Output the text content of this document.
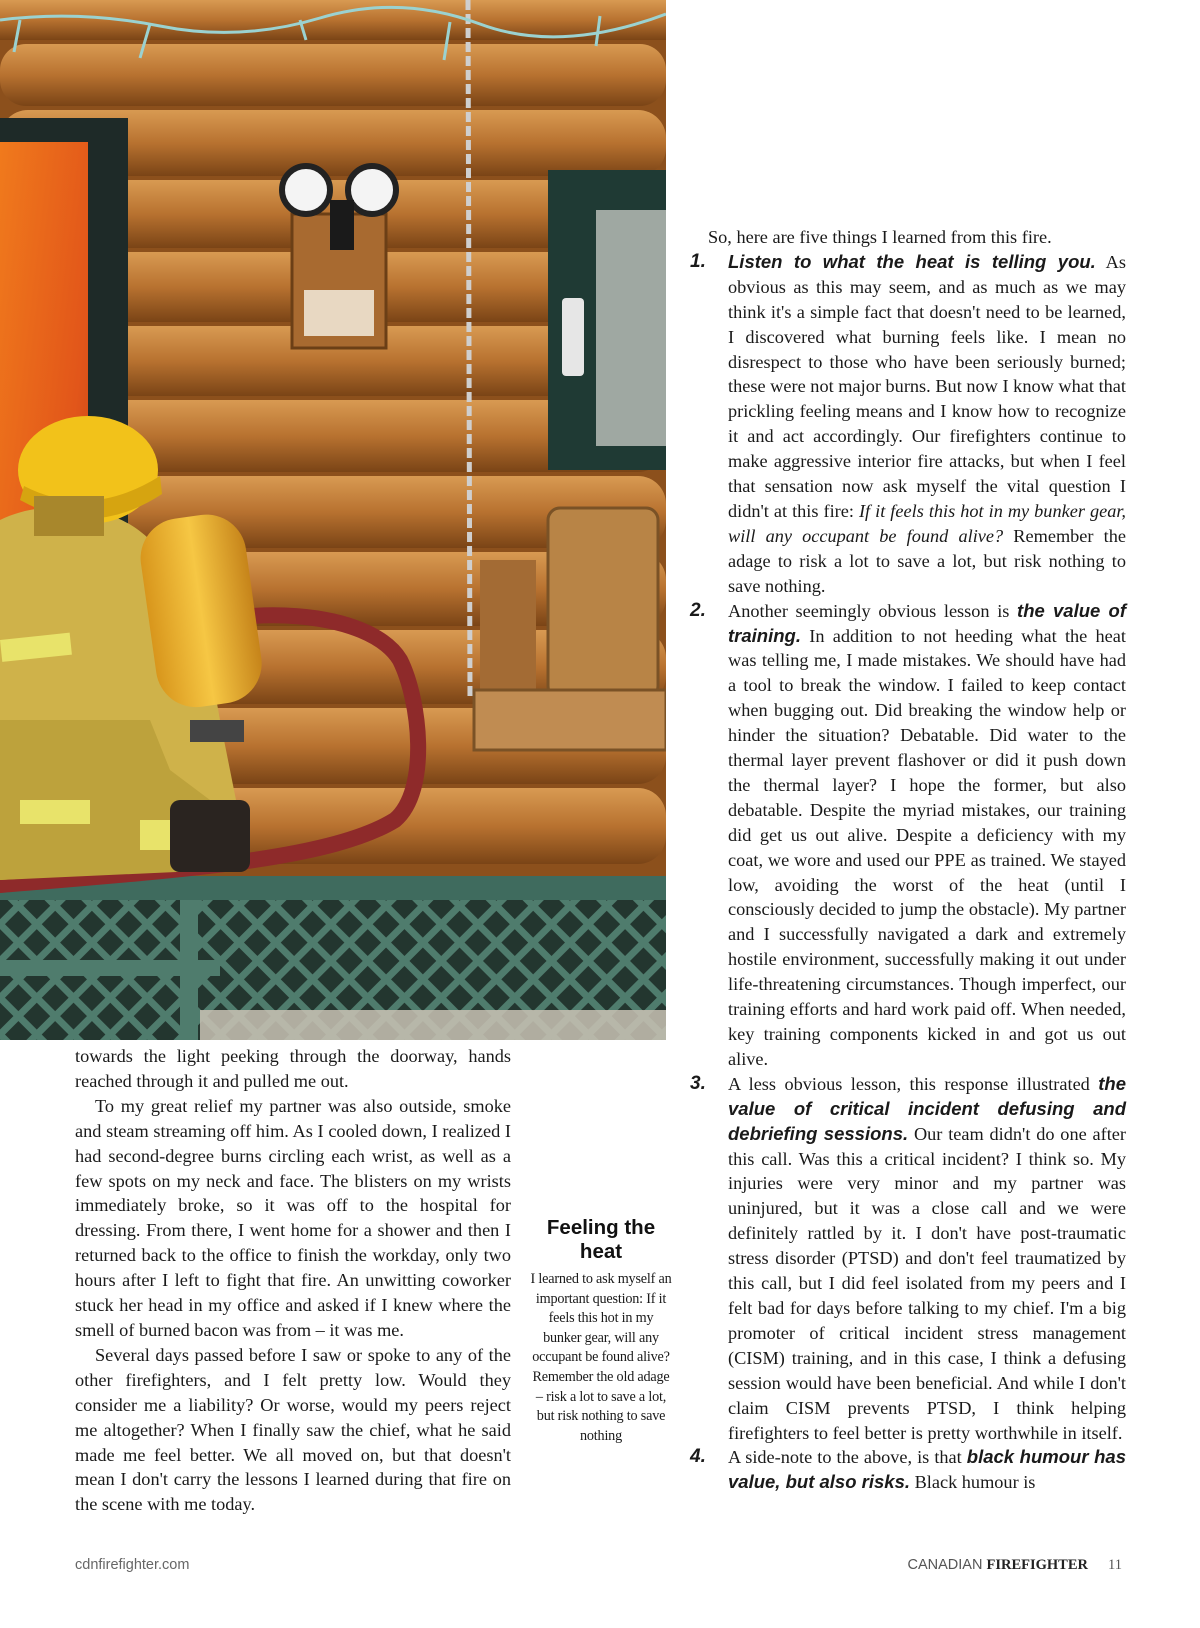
towards the light peeking through the doorway, hands reached through it and pulled me out.

To my great relief my partner was also outside, smoke and steam streaming off him. As I cooled down, I realized I had second-degree burns circling each wrist, as well as a few spots on my neck and face. The blisters on my wrists immediately broke, so it was off to the hospital for dressing. From there, I went home for a shower and then I returned back to the office to finish the workday, only two hours after I left to fight that fire. An unwitting coworker stuck her head in my office and asked if I knew where the smell of burned bacon was from – it was me.

Several days passed before I saw or spoke to any of the other firefighters, and I felt pretty low. Would they consider me a liability? Or worse, would my peers reject me altogether? When I finally saw the chief, what he said made me feel better. We all moved on, but that doesn't mean I don't carry the lessons I learned during that fire on the scene with me today.

Feeling the heat

I learned to ask myself an important question: If it feels this hot in my bunker gear, will any occupant be found alive? Remember the old adage – risk a lot to save a lot, but risk nothing to save nothing

So, here are five things I learned from this fire.

1. Listen to what the heat is telling you. As obvious as this may seem, and as much as we may think it's a simple fact that doesn't need to be learned, I discovered what burning feels like. I mean no disrespect to those who have been seriously burned; these were not major burns. But now I know what that prickling feeling means and I know how to recognize it and act accordingly. Our firefighters continue to make aggressive interior fire attacks, but when I feel that sensation now ask myself the vital question I didn't at this fire: If it feels this hot in my bunker gear, will any occupant be found alive? Remember the adage to risk a lot to save a lot, but risk nothing to save nothing.
2. Another seemingly obvious lesson is the value of training. In addition to not heeding what the heat was telling me, I made mistakes. We should have had a tool to break the window. I failed to keep contact when bugging out. Did breaking the window help or hinder the situation? Debatable. Did water to the thermal layer prevent flashover or did it push down the thermal layer? I hope the former, but also debatable. Despite the myriad mistakes, our training did get us out alive. Despite a deficiency with my coat, we wore and used our PPE as trained. We stayed low, avoiding the worst of the heat (until I consciously decided to jump the obstacle). My partner and I successfully navigated a dark and extremely hostile environment, successfully making it out under life-threatening circumstances. Though imperfect, our training efforts and hard work paid off. When needed, key training components kicked in and got us out alive.
3. A less obvious lesson, this response illustrated the value of critical incident defusing and debriefing sessions. Our team didn't do one after this call. Was this a critical incident? I think so. My injuries were very minor and my partner was uninjured, but it was a close call and we were definitely rattled by it. I don't have post-traumatic stress disorder (PTSD) and don't feel traumatized by this call, but I did feel isolated from my peers and I felt bad for days before talking to my chief. I'm a big promoter of critical incident stress management (CISM) training, and in this case, I think a defusing session would have been beneficial. And while I don't claim CISM prevents PTSD, I think helping firefighters to feel better is pretty worthwhile in itself.
4. A side-note to the above, is that black humour has value, but also risks. Black humour is
cdnfirefighter.com	CANADIAN FIREFIGHTER 11
